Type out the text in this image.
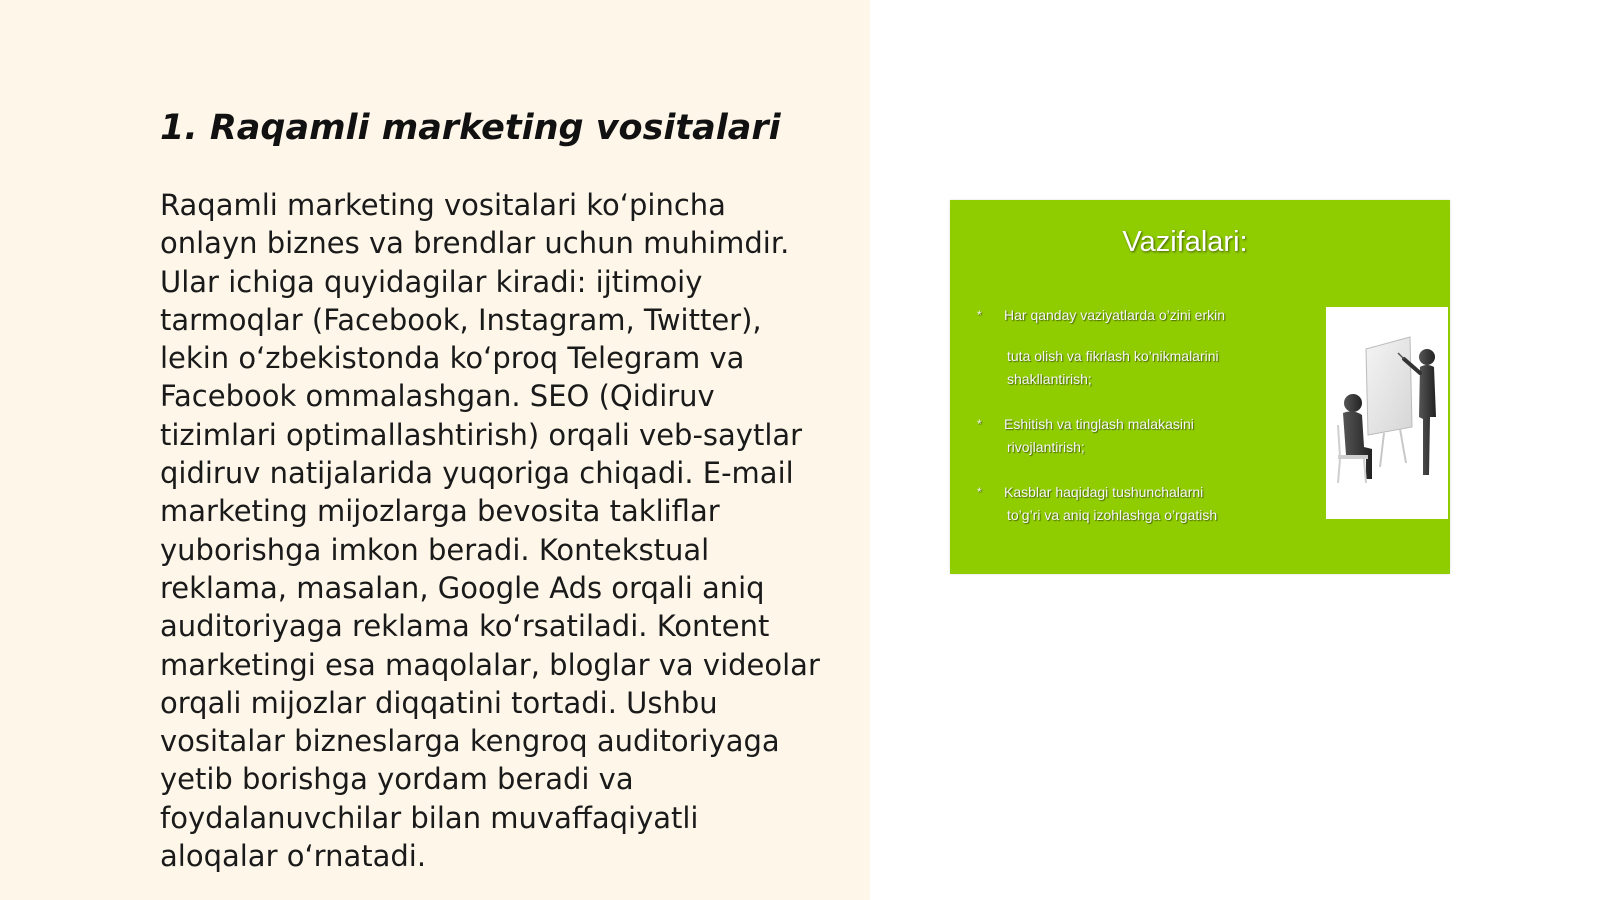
1. Raqamli marketing vositalari
Raqamli marketing vositalari koʻpincha
onlayn biznes va brendlar uchun muhimdir.
Ular ichiga quyidagilar kiradi: ijtimoiy
tarmoqlar (Facebook, Instagram, Twitter),
lekin oʻzbekistonda koʻproq Telegram va
Facebook ommalashgan. SEO (Qidiruv
tizimlari optimallashtirish) orqali veb-saytlar
qidiruv natijalarida yuqoriga chiqadi. E-mail
marketing mijozlarga bevosita takliflar
yuborishga imkon beradi. Kontekstual
reklama, masalan, Google Ads orqali aniq
auditoriyaga reklama koʻrsatiladi. Kontent
marketingi esa maqolalar, bloglar va videolar
orqali mijozlar diqqatini tortadi. Ushbu
vositalar bizneslarga kengroq auditoriyaga
yetib borishga yordam beradi va
foydalanuvchilar bilan muvaffaqiyatli
aloqalar oʻrnatadi.
Vazifalari:
* Har qanday vaziyatlarda o’zini erkin
tuta olish va fikrlash ko’nikmalarini
shakllantirish;
* Eshitish va tinglash malakasini
rivojlantirish;
* Kasblar haqidagi tushunchalarni
to’g’ri va aniq izohlashga o’rgatish
